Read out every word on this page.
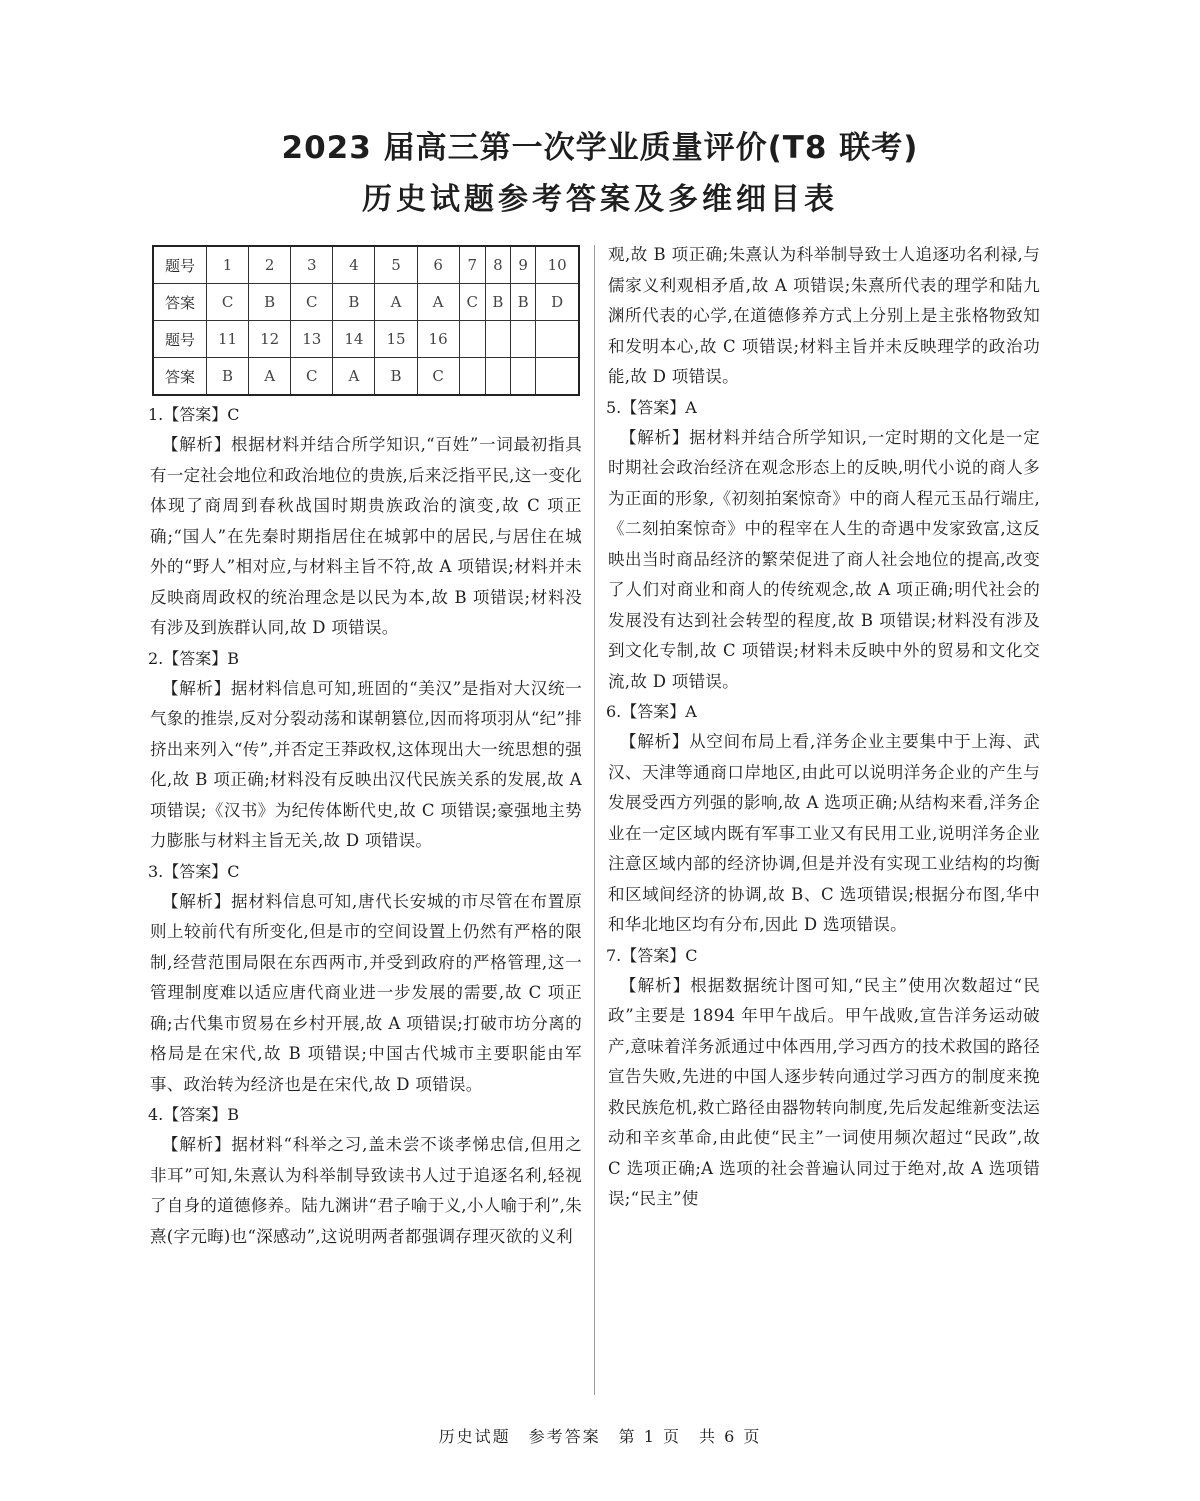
2023 届高三第一次学业质量评价(T8 联考)
历史试题参考答案及多维细目表
题号	1	2	3	4	5	6	7	8	9	10
答案	C	B	C	B	A	A	C	B	B	D
题号	11	12	13	14	15	16				
答案	B	A	C	A	B	C				
1.【答案】C

【解析】根据材料并结合所学知识,“百姓”一词最初指具有一定社会地位和政治地位的贵族,后来泛指平民,这一变化体现了商周到春秋战国时期贵族政治的演变,故 C 项正确;“国人”在先秦时期指居住在城郭中的居民,与居住在城外的“野人”相对应,与材料主旨不符,故 A 项错误;材料并未反映商周政权的统治理念是以民为本,故 B 项错误;材料没有涉及到族群认同,故 D 项错误。

2.【答案】B

【解析】据材料信息可知,班固的“美汉”是指对大汉统一气象的推崇,反对分裂动荡和谋朝篡位,因而将项羽从“纪”排挤出来列入“传”,并否定王莽政权,这体现出大一统思想的强化,故 B 项正确;材料没有反映出汉代民族关系的发展,故 A 项错误;《汉书》为纪传体断代史,故 C 项错误;豪强地主势力膨胀与材料主旨无关,故 D 项错误。

3.【答案】C

【解析】据材料信息可知,唐代长安城的市尽管在布置原则上较前代有所变化,但是市的空间设置上仍然有严格的限制,经营范围局限在东西两市,并受到政府的严格管理,这一管理制度难以适应唐代商业进一步发展的需要,故 C 项正确;古代集市贸易在乡村开展,故 A 项错误;打破市坊分离的格局是在宋代,故 B 项错误;中国古代城市主要职能由军事、政治转为经济也是在宋代,故 D 项错误。

4.【答案】B

【解析】据材料“科举之习,盖未尝不谈孝悌忠信,但用之非耳”可知,朱熹认为科举制导致读书人过于追逐名利,轻视了自身的道德修养。陆九渊讲“君子喻于义,小人喻于利”,朱熹(字元晦)也“深感动”,这说明两者都强调存理灭欲的义利

观,故 B 项正确;朱熹认为科举制导致士人追逐功名利禄,与儒家义利观相矛盾,故 A 项错误;朱熹所代表的理学和陆九渊所代表的心学,在道德修养方式上分别上是主张格物致知和发明本心,故 C 项错误;材料主旨并未反映理学的政治功能,故 D 项错误。

5.【答案】A

【解析】据材料并结合所学知识,一定时期的文化是一定时期社会政治经济在观念形态上的反映,明代小说的商人多为正面的形象,《初刻拍案惊奇》中的商人程元玉品行端庄,《二刻拍案惊奇》中的程宰在人生的奇遇中发家致富,这反映出当时商品经济的繁荣促进了商人社会地位的提高,改变了人们对商业和商人的传统观念,故 A 项正确;明代社会的发展没有达到社会转型的程度,故 B 项错误;材料没有涉及到文化专制,故 C 项错误;材料未反映中外的贸易和文化交流,故 D 项错误。

6.【答案】A

【解析】从空间布局上看,洋务企业主要集中于上海、武汉、天津等通商口岸地区,由此可以说明洋务企业的产生与发展受西方列强的影响,故 A 选项正确;从结构来看,洋务企业在一定区域内既有军事工业又有民用工业,说明洋务企业注意区域内部的经济协调,但是并没有实现工业结构的均衡和区域间经济的协调,故 B、C 选项错误;根据分布图,华中和华北地区均有分布,因此 D 选项错误。

7.【答案】C

【解析】根据数据统计图可知,“民主”使用次数超过“民政”主要是 1894 年甲午战后。甲午战败,宣告洋务运动破产,意味着洋务派通过中体西用,学习西方的技术救国的路径宣告失败,先进的中国人逐步转向通过学习西方的制度来挽救民族危机,救亡路径由器物转向制度,先后发起维新变法运动和辛亥革命,由此使“民主”一词使用频次超过“民政”,故 C 选项正确;A 选项的社会普遍认同过于绝对,故 A 选项错误;“民主”使

历史试题　参考答案　第 1 页　共 6 页
